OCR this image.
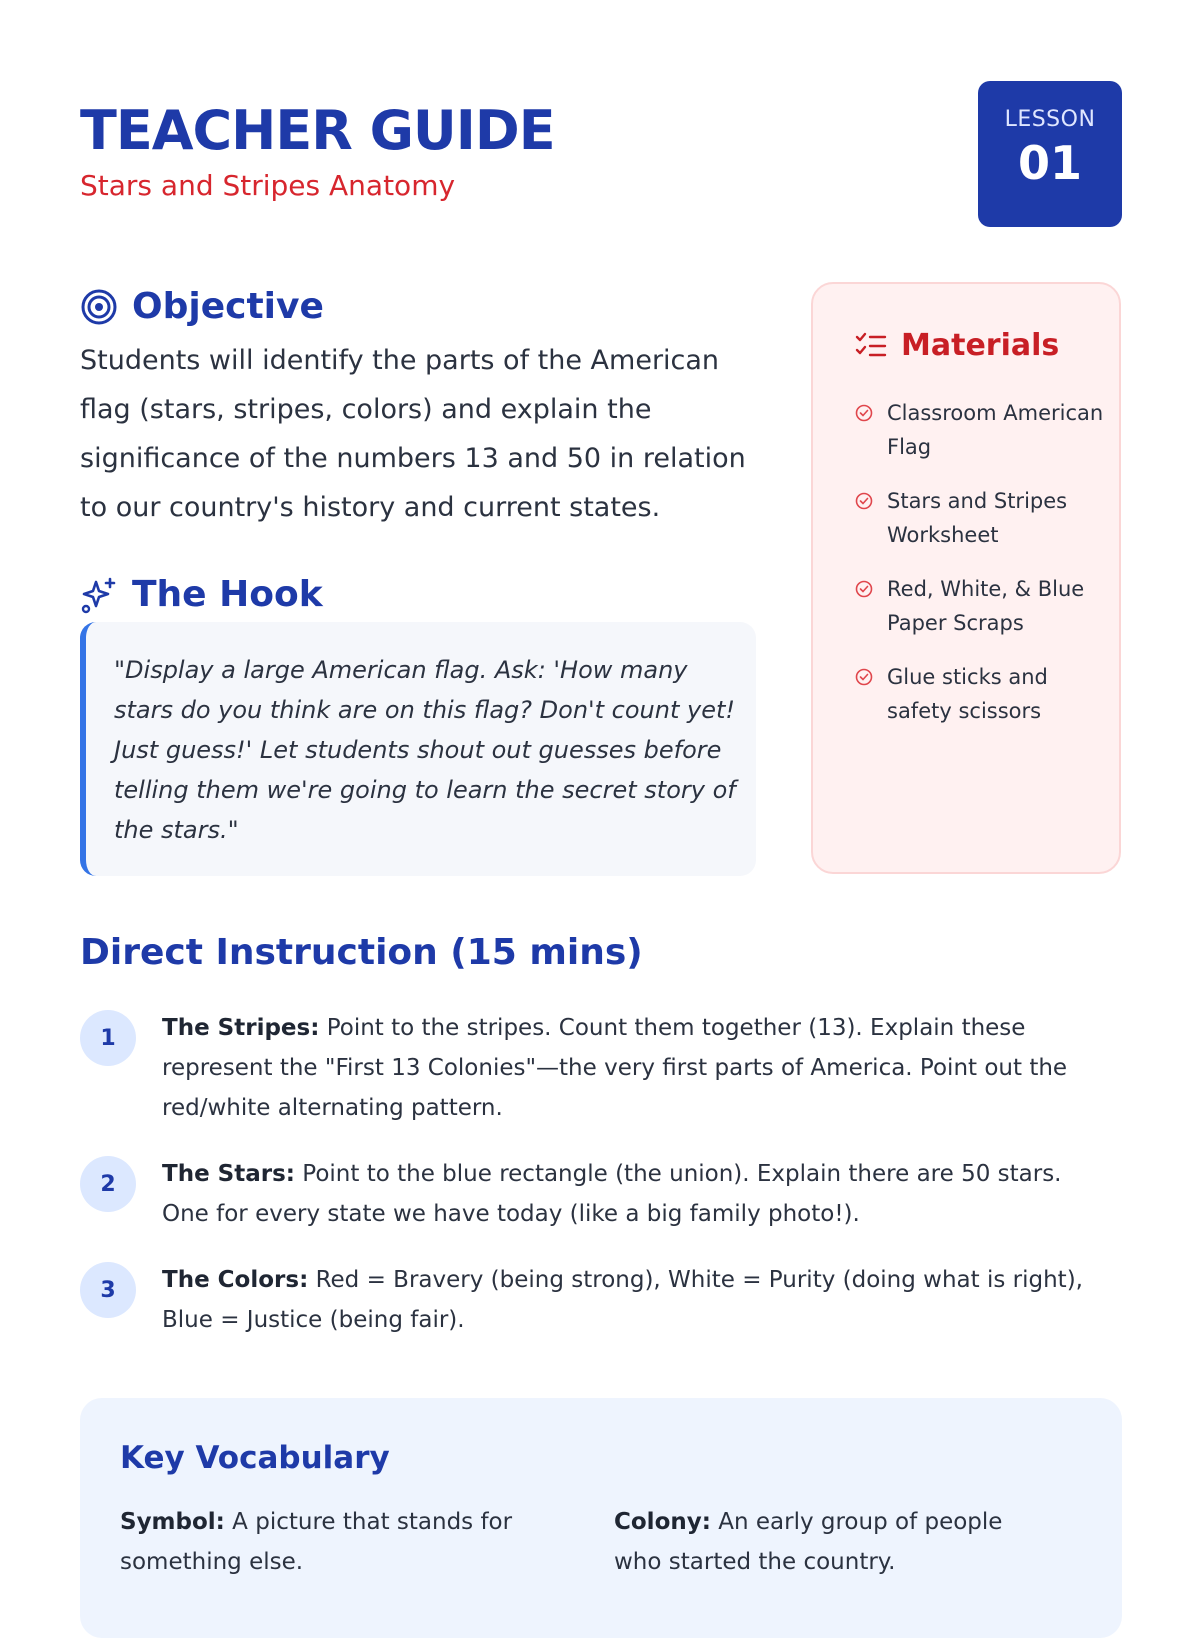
TEACHER GUIDE
Stars and Stripes Anatomy
LESSON
01
Objective
Students will identify the parts of the American flag (stars, stripes, colors) and explain the significance of the numbers 13 and 50 in relation to our country's history and current states.
The Hook

"Display a large American flag. Ask: 'How many stars do you think are on this flag? Don't count yet! Just guess!' Let students shout out guesses before telling them we're going to learn the secret story of the stars."

Materials
Classroom American Flag
Stars and Stripes Worksheet
Red, White, & Blue Paper Scraps
Glue sticks and safety scissors
Direct Instruction (15 mins)
1	The Stripes: Point to the stripes. Count them together (13). Explain these represent the "First 13 Colonies"—the very first parts of America. Point out the red/white alternating pattern.
2	The Stars: Point to the blue rectangle (the union). Explain there are 50 stars. One for every state we have today (like a big family photo!).
3	The Colors: Red = Bravery (being strong), White = Purity (doing what is right), Blue = Justice (being fair).
Key Vocabulary
Symbol: A picture that stands for something else.
Colony: An early group of people who started the country.
